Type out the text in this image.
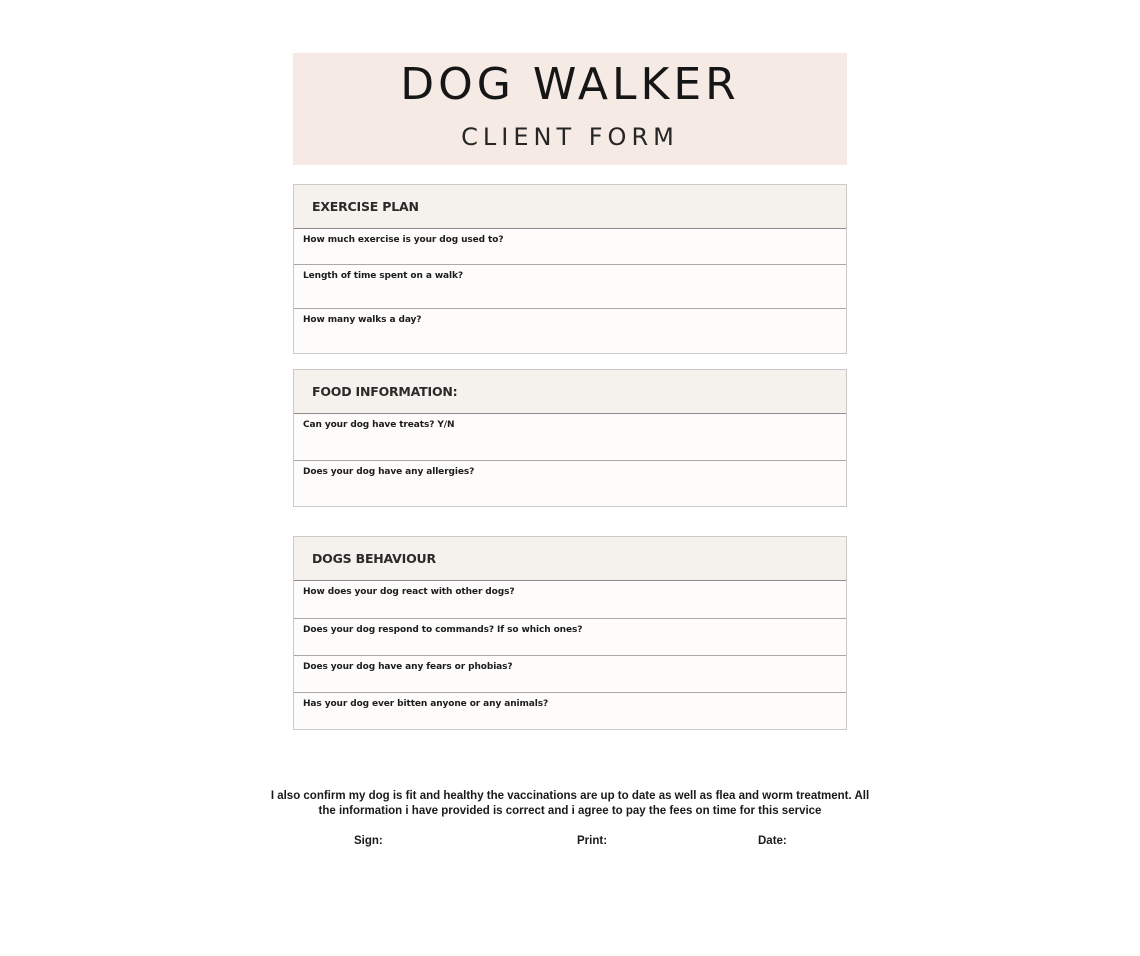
DOG WALKER
CLIENT FORM
EXERCISE PLAN
How much exercise is your dog used to?
Length of time spent on a walk?
How many walks a day?
FOOD INFORMATION:
Can your dog have treats? Y/N
Does your dog have any allergies?
DOGS BEHAVIOUR
How does your dog react with other dogs?
Does your dog respond to commands? If so which ones?
Does your dog have any fears or phobias?
Has your dog ever bitten anyone or any animals?
I also confirm my dog is fit and healthy the vaccinations are up to date as well as flea and worm treatment. All
the information i have provided is correct and i agree to pay the fees on time for this service
Sign:	Print:	Date:
